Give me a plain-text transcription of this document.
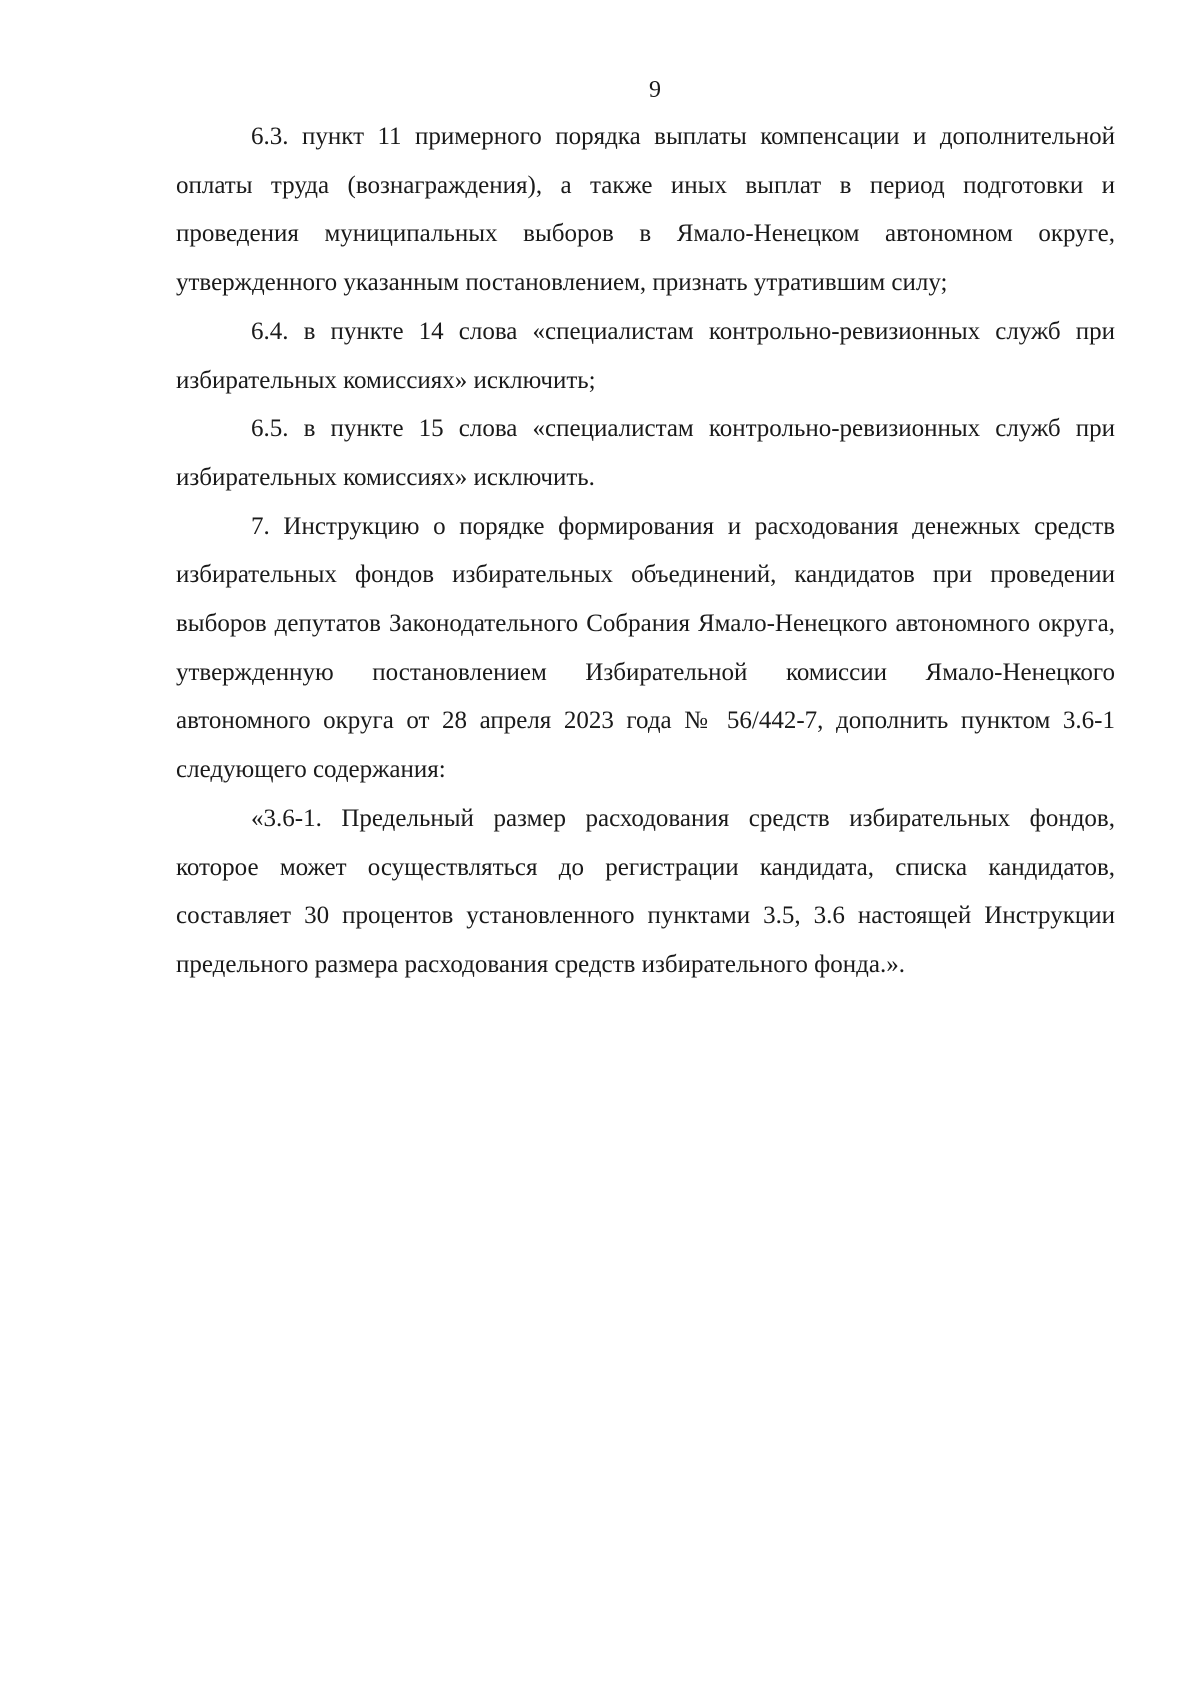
9

6.3. пункт 11 примерного порядка выплаты компенсации и дополнительной оплаты труда (вознаграждения), а также иных выплат в период подготовки и проведения муниципальных выборов в Ямало-Ненецком автономном округе, утвержденного указанным постановлением, признать утратившим силу;

6.4. в пункте 14 слова «специалистам контрольно-ревизионных служб при избирательных комиссиях» исключить;

6.5. в пункте 15 слова «специалистам контрольно-ревизионных служб при избирательных комиссиях» исключить.

7. Инструкцию о порядке формирования и расходования денежных средств избирательных фондов избирательных объединений, кандидатов при проведении выборов депутатов Законодательного Собрания Ямало-Ненецкого автономного округа, утвержденную постановлением Избирательной комиссии Ямало-Ненецкого автономного округа от 28 апреля 2023 года № 56/442-7, дополнить пунктом 3.6-1 следующего содержания:

«3.6-1. Предельный размер расходования средств избирательных фондов, которое может осуществляться до регистрации кандидата, списка кандидатов, составляет 30 процентов установленного пунктами 3.5, 3.6 настоящей Инструкции предельного размера расходования средств избирательного фонда.».
